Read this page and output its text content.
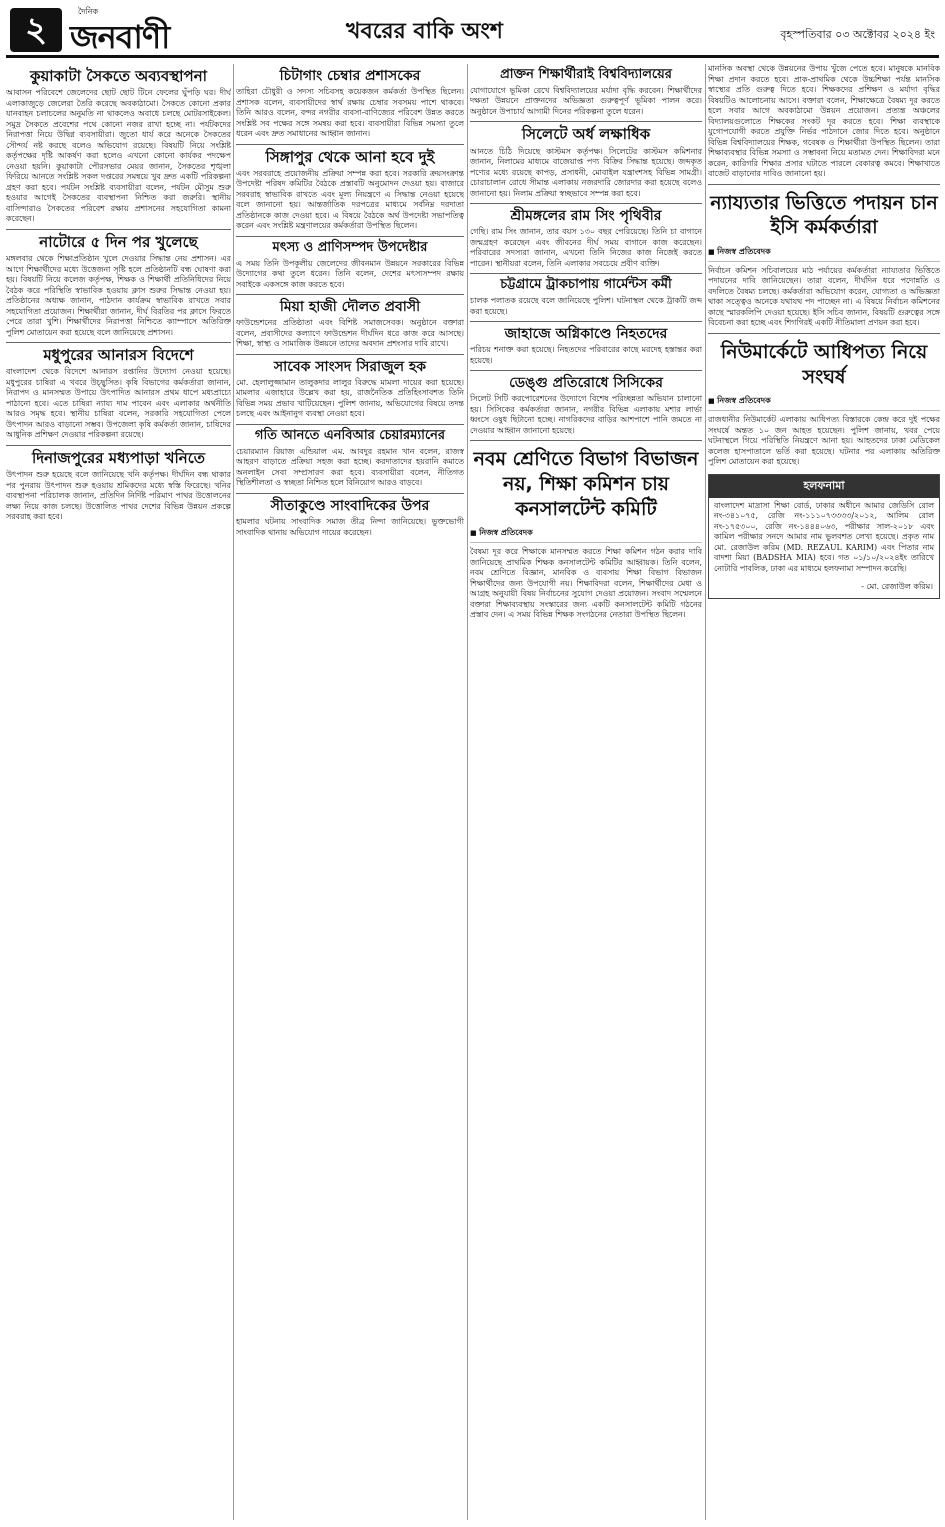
২	দৈনিক
জনবাণী	খবরের বাকি অংশ	বৃহস্পতিবার ০৩ অক্টোবর ২০২৪ ইং
কুয়াকাটা সৈকতে অব্যবস্থাপনা
আবাসন পরিবেশে জেলেদের ছোট ছোট টিনে ফেলের ঘুঁপড়ি ঘর। দীর্ঘ এলাকাজুড়ে জেলেরা তৈরি করেছে অবকাঠামো। সৈকতে কোনো প্রকার যানবাহন চলাচলের অনুমতি না থাকলেও অবাধে চলছে মোটরসাইকেল। সমুদ্র সৈকতে প্রবেশের পথে কোনো নজর রাখা হচ্ছে না। পর্যটকদের নিরাপত্তা নিয়ে উদ্বিগ্ন ব্যবসায়ীরা। জুতো ধার্য করে অনেকে সৈকতের সৌন্দর্য নষ্ট করছে বলেও অভিযোগ রয়েছে। বিষয়টি নিয়ে সংশ্লিষ্ট কর্তৃপক্ষের দৃষ্টি আকর্ষণ করা হলেও এখনো কোনো কার্যকর পদক্ষেপ নেওয়া হয়নি। কুয়াকাটা পৌরসভার মেয়র জানান, সৈকতের শৃঙ্খলা ফিরিয়ে আনতে সংশ্লিষ্ট সকল দপ্তরের সমন্বয়ে খুব দ্রুত একটি পরিকল্পনা গ্রহণ করা হবে। পর্যটন সংশ্লিষ্ট ব্যবসায়ীরা বলেন, পর্যটন মৌসুম শুরু হওয়ার আগেই সৈকতের ব্যবস্থাপনা নিশ্চিত করা জরুরি। স্থানীয় বাসিন্দারাও সৈকতের পরিবেশ রক্ষায় প্রশাসনের সহযোগিতা কামনা করেছেন।
নাটোরে ৫ দিন পর খুলেছে
মঙ্গলবার থেকে শিক্ষাপ্রতিষ্ঠান খুলে দেওয়ার সিদ্ধান্ত নেয় প্রশাসন। এর আগে শিক্ষার্থীদের মধ্যে উত্তেজনা সৃষ্টি হলে প্রতিষ্ঠানটি বন্ধ ঘোষণা করা হয়। বিষয়টি নিয়ে কলেজ কর্তৃপক্ষ, শিক্ষক ও শিক্ষার্থী প্রতিনিধিদের নিয়ে বৈঠক করে পরিস্থিতি স্বাভাবিক হওয়ায় ক্লাস শুরুর সিদ্ধান্ত নেওয়া হয়। প্রতিষ্ঠানের অধ্যক্ষ জানান, পাঠদান কার্যক্রম স্বাভাবিক রাখতে সবার সহযোগিতা প্রয়োজন। শিক্ষার্থীরা জানান, দীর্ঘ বিরতির পর ক্লাসে ফিরতে পেরে তারা খুশি। শিক্ষার্থীদের নিরাপত্তা নিশ্চিতে ক্যাম্পাসে অতিরিক্ত পুলিশ মোতায়েন করা হয়েছে বলে জানিয়েছে প্রশাসন।
মধুপুরের আনারস বিদেশে
বাংলাদেশ থেকে বিদেশে আনারস রপ্তানির উদ্যোগ নেওয়া হয়েছে। মধুপুরের চাষিরা এ খবরে উচ্ছ্বসিত। কৃষি বিভাগের কর্মকর্তারা জানান, নিরাপদ ও মানসম্মত উপায়ে উৎপাদিত আনারস প্রথম ধাপে মধ্যপ্রাচ্যে পাঠানো হবে। এতে চাষিরা ন্যায্য দাম পাবেন এবং এলাকার অর্থনীতি আরও সমৃদ্ধ হবে। স্থানীয় চাষিরা বলেন, সরকারি সহযোগিতা পেলে উৎপাদন আরও বাড়ানো সম্ভব। উপজেলা কৃষি কর্মকর্তা জানান, চাষিদের আধুনিক প্রশিক্ষণ দেওয়ার পরিকল্পনা রয়েছে।
দিনাজপুরের মধ্যপাড়া খনিতে
উৎপাদন শুরু হয়েছে বলে জানিয়েছে খনি কর্তৃপক্ষ। দীর্ঘদিন বন্ধ থাকার পর পুনরায় উৎপাদন শুরু হওয়ায় শ্রমিকদের মধ্যে স্বস্তি ফিরেছে। খনির ব্যবস্থাপনা পরিচালক জানান, প্রতিদিন নির্দিষ্ট পরিমাণ পাথর উত্তোলনের লক্ষ্য নিয়ে কাজ চলছে। উত্তোলিত পাথর দেশের বিভিন্ন উন্নয়ন প্রকল্পে সরবরাহ করা হবে।
চিটাগাং চেম্বার প্রশাসকের
তাহিরা চৌধুরী ও সদস্য সচিবসহ কয়েকজন কর্মকর্তা উপস্থিত ছিলেন। প্রশাসক বলেন, ব্যবসায়ীদের স্বার্থ রক্ষায় চেম্বার সবসময় পাশে থাকবে। তিনি আরও বলেন, বন্দর নগরীর ব্যবসা-বাণিজ্যের পরিবেশ উন্নত করতে সংশ্লিষ্ট সব পক্ষের সঙ্গে সমন্বয় করা হবে। ব্যবসায়ীরা বিভিন্ন সমস্যা তুলে ধরেন এবং দ্রুত সমাধানের আহ্বান জানান।
সিঙ্গাপুর থেকে আনা হবে দুই
এবং সরবরাহে প্রয়োজনীয় প্রক্রিয়া সম্পন্ন করা হবে। সরকারি ক্রয়সংক্রান্ত উপদেষ্টা পরিষদ কমিটির বৈঠকে প্রস্তাবটি অনুমোদন দেওয়া হয়। বাজারে সরবরাহ স্বাভাবিক রাখতে এবং মূল্য নিয়ন্ত্রণে এ সিদ্ধান্ত নেওয়া হয়েছে বলে জানানো হয়। আন্তর্জাতিক দরপত্রের মাধ্যমে সর্বনিম্ন দরদাতা প্রতিষ্ঠানকে কাজ দেওয়া হবে। এ বিষয়ে বৈঠকে অর্থ উপদেষ্টা সভাপতিত্ব করেন এবং সংশ্লিষ্ট মন্ত্রণালয়ের কর্মকর্তারা উপস্থিত ছিলেন।
মৎস্য ও প্রাণিসম্পদ উপদেষ্টার
এ সময় তিনি উপকূলীয় জেলেদের জীবনমান উন্নয়নে সরকারের বিভিন্ন উদ্যোগের কথা তুলে ধরেন। তিনি বলেন, দেশের মৎস্যসম্পদ রক্ষায় সবাইকে একসঙ্গে কাজ করতে হবে।
মিয়া হাজী দৌলত প্রবাসী
ফাউন্ডেশনের প্রতিষ্ঠাতা এবং বিশিষ্ট সমাজসেবক। অনুষ্ঠানে বক্তারা বলেন, প্রবাসীদের কল্যাণে ফাউন্ডেশন দীর্ঘদিন ধরে কাজ করে আসছে। শিক্ষা, স্বাস্থ্য ও সামাজিক উন্নয়নে তাদের অবদান প্রশংসার দাবি রাখে।
সাবেক সাংসদ সিরাজুল হক
মো. হেলালুজ্জামান তালুকদার লালুর বিরুদ্ধে মামলা দায়ের করা হয়েছে। মামলার এজাহারে উল্লেখ করা হয়, রাজনৈতিক প্রতিহিংসাবশত তিনি বিভিন্ন সময় প্রভাব খাটিয়েছেন। পুলিশ জানায়, অভিযোগের বিষয়ে তদন্ত চলছে এবং আইনানুগ ব্যবস্থা নেওয়া হবে।
গতি আনতে এনবিআর চেয়ারম্যানের
চেয়ারম্যান রিয়াজ এন্ডিয়াল এম. আবদুর রহমান খান বলেন, রাজস্ব আহরণ বাড়াতে প্রক্রিয়া সহজ করা হচ্ছে। করদাতাদের হয়রানি কমাতে অনলাইন সেবা সম্প্রসারণ করা হবে। ব্যবসায়ীরা বলেন, নীতিগত স্থিতিশীলতা ও স্বচ্ছতা নিশ্চিত হলে বিনিয়োগ আরও বাড়বে।
সীতাকুণ্ডে সাংবাদিকের উপর
হামলার ঘটনায় সাংবাদিক সমাজ তীব্র নিন্দা জানিয়েছে। ভুক্তভোগী সাংবাদিক থানায় অভিযোগ দায়ের করেছেন।
প্রাক্তন শিক্ষার্থীরাই বিশ্ববিদ্যালয়ের
যোগাযোগে ভূমিকা রেখে বিশ্ববিদ্যালয়ের মর্যাদা বৃদ্ধি করবেন। শিক্ষার্থীদের দক্ষতা উন্নয়নে প্রাক্তনদের অভিজ্ঞতা গুরুত্বপূর্ণ ভূমিকা পালন করে। অনুষ্ঠানে উপাচার্য আগামী দিনের পরিকল্পনা তুলে ধরেন।
সিলেটে অর্ধ লক্ষাধিক
আনতে চিঠি দিয়েছে কাস্টমস কর্তৃপক্ষ। সিলেটের কাস্টমস কমিশনার জানান, নিলামের মাধ্যমে বাজেয়াপ্ত পণ্য বিক্রির সিদ্ধান্ত হয়েছে। জব্দকৃত পণ্যের মধ্যে রয়েছে কাপড়, প্রসাধনী, মোবাইল যন্ত্রাংশসহ বিভিন্ন সামগ্রী। চোরাচালান রোধে সীমান্ত এলাকায় নজরদারি জোরদার করা হয়েছে বলেও জানানো হয়। নিলাম প্রক্রিয়া স্বচ্ছভাবে সম্পন্ন করা হবে।
শ্রীমঙ্গলের রাম সিং পৃথিবীর
গেছি। রাম সিং জানান, তার বয়স ১৩০ বছর পেরিয়েছে। তিনি চা বাগানে জন্মগ্রহণ করেছেন এবং জীবনের দীর্ঘ সময় বাগানে কাজ করেছেন। পরিবারের সদস্যরা জানান, এখনো তিনি নিজের কাজ নিজেই করতে পারেন। স্থানীয়রা বলেন, তিনি এলাকার সবচেয়ে প্রবীণ ব্যক্তি।
চট্টগ্রামে ট্রাকচাপায় গার্মেন্টস কর্মী
চালক পলাতক রয়েছে বলে জানিয়েছে পুলিশ। ঘটনাস্থল থেকে ট্রাকটি জব্দ করা হয়েছে।
জাহাজে অগ্নিকাণ্ডে নিহতদের
পরিচয় শনাক্ত করা হয়েছে। নিহতদের পরিবারের কাছে মরদেহ হস্তান্তর করা হয়েছে।
ডেঙ্গু প্রতিরোধে সিসিকের
সিলেট সিটি করপোরেশনের উদ্যোগে বিশেষ পরিচ্ছন্নতা অভিযান চালানো হয়। সিসিকের কর্মকর্তারা জানান, নগরীর বিভিন্ন এলাকায় মশার লার্ভা ধ্বংসে ওষুধ ছিটানো হচ্ছে। নাগরিকদের বাড়ির আশপাশে পানি জমতে না দেওয়ার আহ্বান জানানো হয়েছে।
নবম শ্রেণিতে বিভাগ বিভাজন নয়, শিক্ষা কমিশন চায় কনসালটেন্ট কমিটি
■ নিজস্ব প্রতিবেদক
বৈষম্য দূর করে শিক্ষাকে মানসম্মত করতে শিক্ষা কমিশন গঠন করার দাবি জানিয়েছে প্রাথমিক শিক্ষক কনসালটেন্ট কমিটির আহ্বায়ক। তিনি বলেন, নবম শ্রেণিতে বিজ্ঞান, মানবিক ও ব্যবসায় শিক্ষা বিভাগ বিভাজন শিক্ষার্থীদের জন্য উপযোগী নয়। শিক্ষাবিদরা বলেন, শিক্ষার্থীদের মেধা ও আগ্রহ অনুযায়ী বিষয় নির্বাচনের সুযোগ দেওয়া প্রয়োজন। সংবাদ সম্মেলনে বক্তারা শিক্ষাব্যবস্থায় সংস্কারের জন্য একটি কনসালটেন্ট কমিটি গঠনের প্রস্তাব দেন। এ সময় বিভিন্ন শিক্ষক সংগঠনের নেতারা উপস্থিত ছিলেন।
মানসিক অবস্থা থেকে উন্নয়নের উপায় খুঁজে পেতে হবে। মানুষকে মানবিক শিক্ষা প্রদান করতে হবে। প্রাক-প্রাথমিক থেকে উচ্চশিক্ষা পর্যন্ত মানসিক স্বাস্থ্যের প্রতি গুরুত্ব দিতে হবে। শিক্ষকদের প্রশিক্ষণ ও মর্যাদা বৃদ্ধির বিষয়টিও আলোচনায় আসে। বক্তারা বলেন, শিক্ষাক্ষেত্রে বৈষম্য দূর করতে হলে সবার আগে অবকাঠামো উন্নয়ন প্রয়োজন। প্রত্যন্ত অঞ্চলের বিদ্যালয়গুলোতে শিক্ষকের সংকট দূর করতে হবে। শিক্ষা ব্যবস্থাকে যুগোপযোগী করতে প্রযুক্তি নির্ভর পাঠদানে জোর দিতে হবে। অনুষ্ঠানে বিভিন্ন বিশ্ববিদ্যালয়ের শিক্ষক, গবেষক ও শিক্ষার্থীরা উপস্থিত ছিলেন। তারা শিক্ষাব্যবস্থার বিভিন্ন সমস্যা ও সম্ভাবনা নিয়ে মতামত দেন। শিক্ষাবিদরা মনে করেন, কারিগরি শিক্ষার প্রসার ঘটাতে পারলে বেকারত্ব কমবে। শিক্ষাখাতে বাজেট বাড়ানোর দাবিও জানানো হয়।
ন্যায্যতার ভিত্তিতে পদায়ন চান ইসি কর্মকর্তারা
■ নিজস্ব প্রতিবেদক
নির্বাচন কমিশন সচিবালয়ের মাঠ পর্যায়ের কর্মকর্তারা ন্যায্যতার ভিত্তিতে পদায়নের দাবি জানিয়েছেন। তারা বলেন, দীর্ঘদিন ধরে পদোন্নতি ও বদলিতে বৈষম্য চলছে। কর্মকর্তারা অভিযোগ করেন, যোগ্যতা ও অভিজ্ঞতা থাকা সত্ত্বেও অনেকে যথাযথ পদ পাচ্ছেন না। এ বিষয়ে নির্বাচন কমিশনের কাছে স্মারকলিপি দেওয়া হয়েছে। ইসি সচিব জানান, বিষয়টি গুরুত্বের সঙ্গে বিবেচনা করা হচ্ছে এবং শিগগিরই একটি নীতিমালা প্রণয়ন করা হবে।
নিউমার্কেটে আধিপত্য নিয়ে সংঘর্ষ
■ নিজস্ব প্রতিবেদক
রাজধানীর নিউমার্কেট এলাকায় আধিপত্য বিস্তারকে কেন্দ্র করে দুই পক্ষের সংঘর্ষে অন্তত ১০ জন আহত হয়েছেন। পুলিশ জানায়, খবর পেয়ে ঘটনাস্থলে গিয়ে পরিস্থিতি নিয়ন্ত্রণে আনা হয়। আহতদের ঢাকা মেডিকেল কলেজ হাসপাতালে ভর্তি করা হয়েছে। ঘটনার পর এলাকায় অতিরিক্ত পুলিশ মোতায়েন করা হয়েছে।
হলফনামা
বাংলাদেশ মাদ্রাসা শিক্ষা বোর্ড, ঢাকার অধীনে আমার জেডিসি রোল নং-৩৪১০৭৫, রেজি নং-১১১০৭৩৩৩৩/২০১২, আলিম রোল নং-১৭৫৩০০, রেজি নং-১৪৪৪০৬৩, পরীক্ষার সাল-২০১৮ এবং কামিল পরীক্ষার সনদে আমার নাম ভুলবশত লেখা হয়েছে। প্রকৃত নাম মো. রেজাউল করিম (MD. REZAUL KARIM) এবং পিতার নাম বাদশা মিয়া (BADSHA MIA) হবে। গত ০১/১০/২০২৪ইং তারিখে নোটারি পাবলিক, ঢাকা এর মাধ্যমে হলফনামা সম্পাদন করেছি।
- মো. রেজাউল করিম।
